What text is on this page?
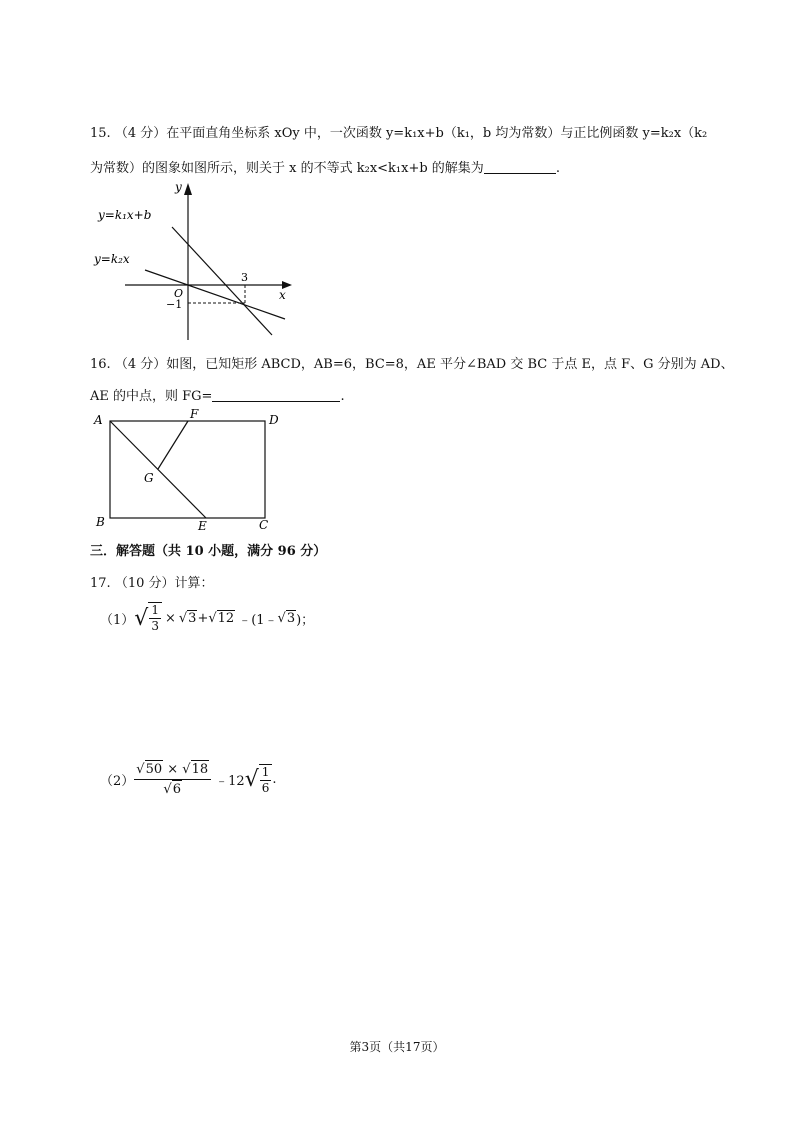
15. （4 分）在平面直角坐标系 xOy 中，一次函数 y=k₁x+b（k₁，b 均为常数）与正比例函数 y=k₂x（k₂
为常数）的图象如图所示，则关于 x 的不等式 k₂x<k₁x+b 的解集为	.
y
x
O
3
−1
y=k₁x+b
y=k₂x
16. （4 分）如图，已知矩形 ABCD，AB=6，BC=8，AE 平分∠BAD 交 BC 于点 E，点 F、G 分别为 AD、
AE 的中点，则 FG=	.
A
B	C
D
E
F
G
三．解答题（共 10 小题，满分 96 分）
17. （10 分）计算：
（1） √ $\frac{1}{3} \times √3 + √12$ ﹣(1﹣ √3 )；
$(2) \frac{√50 \times √18}{√6}$ ﹣12 √ $\frac{1}{6}$ .
第3页（共17页）
